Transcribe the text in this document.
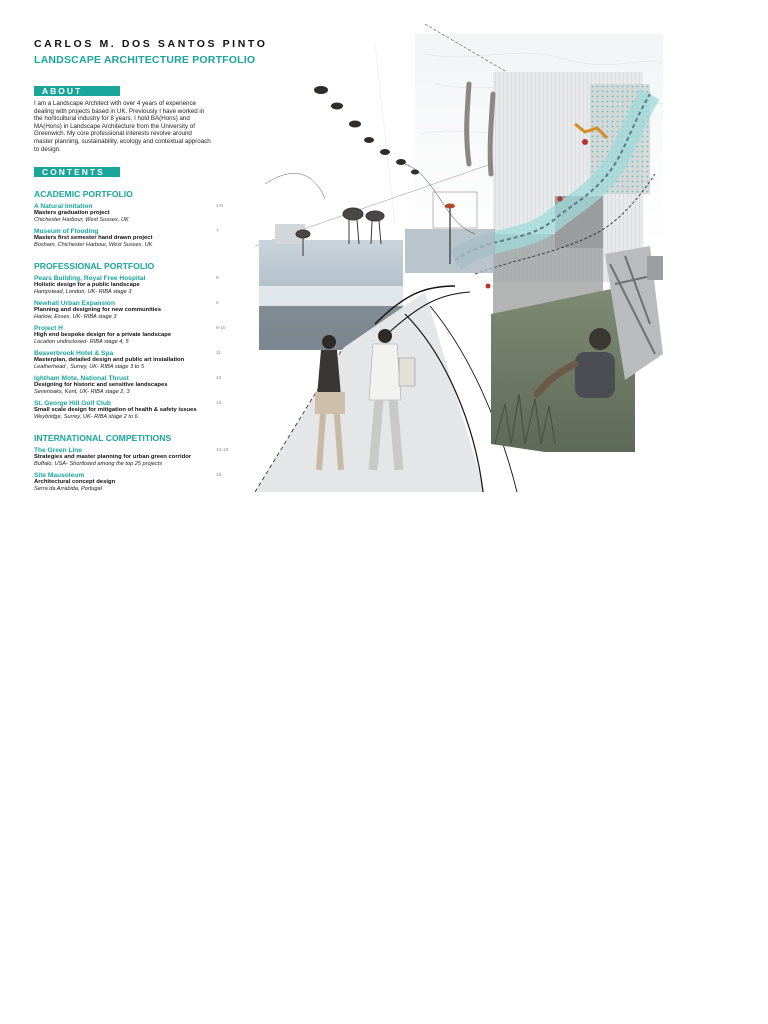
CARLOS M. DOS SANTOS PINTO
LANDSCAPE ARCHITECTURE PORTFOLIO
ABOUT
I am a Landscape Architect with over 4 years of experience dealing with projects based in UK. Previously I have worked in the horticultural industry for 8 years. I hold BA(Hons) and MA(Hons) in Landscape Architecture from the University of Greenwich. My core professional interests revolve around master planning, sustainability, ecology and contextual approach to design.
CONTENTS
ACADEMIC PORTFOLIO
A Natural Imitation	1-6
Masters graduation project
Chichester Harbour, West Sussex, UK
Museum of Flooding	7
Masters first semester hand drawn project
Bosham, Chichester Harbour, West Sussex, UK
PROFESSIONAL PORTFOLIO
Pears Building, Royal Free Hospital	8
Holistic design for a public landscape
Hampstead, London, UK- RIBA stage 3
Newhall Urban Expansion	9
Planning and designing for new communities
Harlow, Essex, UK- RIBA stage 3
Project H	9-10
High end bespoke design for a private landscape
Location undisclosed- RIBA stage 4, 5
Beaverbrook Hotel & Spa	11
Masterplan, detailed design and public art installation
Leatherhead , Surrey, UK- RIBA stage 3 to 5
Ightham Mote, National Thrust	12
Designing for historic and sensitive landscapes
Sevenoaks, Kent, UK- RIBA stage 2, 3
St. George Hill Golf Club	13
Small scale design for mitigation of health & safety issues
Weybridge, Surrey, UK- RIBA stage 2 to 6
INTERNATIONAL COMPETITIONS
The Green Line	14-15
Strategies and master planning for urban green corridor
Buffalo, USA- Shortlisted among the top 25 projects
Site Mausoleum	16
Architectural concept design
Serra da Arrabida, Portugal
